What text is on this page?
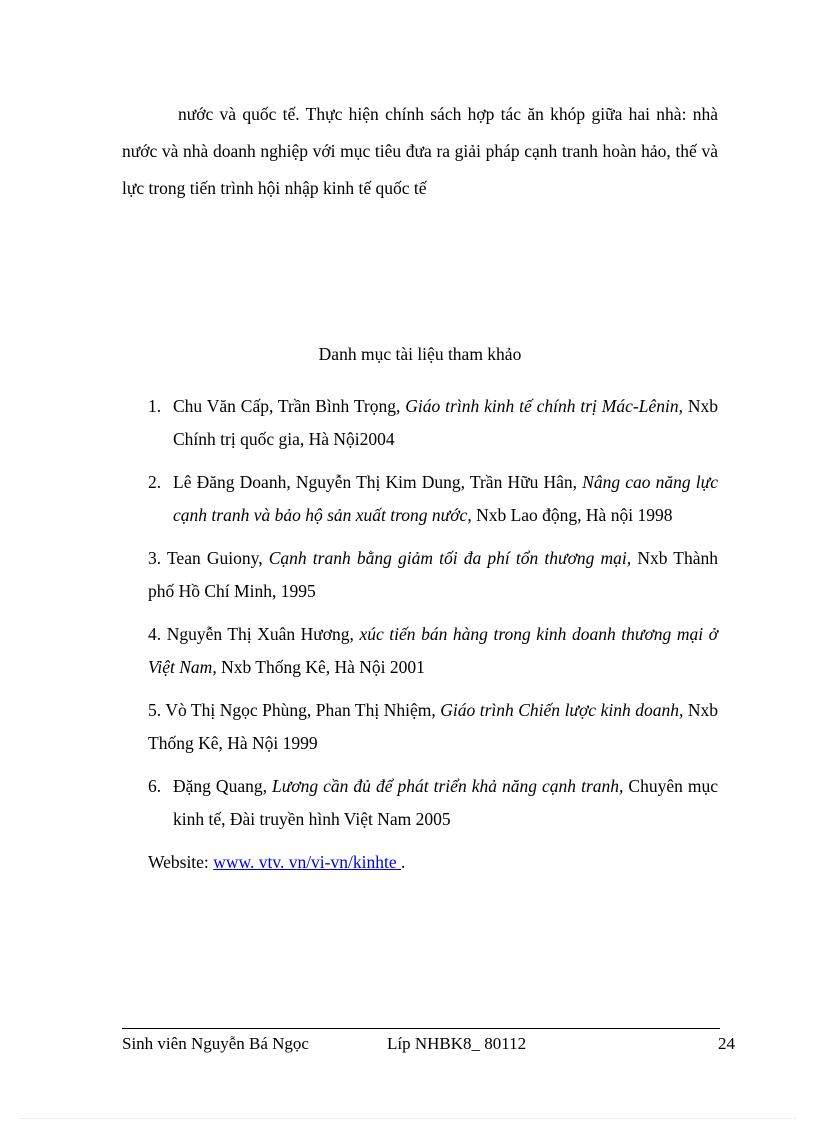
nước và quốc tế. Thực hiện chính sách hợp tác ăn khóp giữa hai nhà: nhà nước và nhà doanh nghiệp với mục tiêu đưa ra giải pháp cạnh tranh hoàn hảo, thế và lực trong tiến trình hội nhập kinh tế quốc tế
Danh mục tài liệu tham khảo

1. Chu Văn Cấp, Trần Bình Trọng, Giáo trình kinh tế chính trị Mác-Lênin, Nxb Chính trị quốc gia, Hà Nội2004

2. Lê Đăng Doanh, Nguyễn Thị Kim Dung, Trần Hữu Hân, Nâng cao năng lực cạnh tranh và bảo hộ sản xuất trong nước, Nxb Lao động, Hà nội 1998

3. Tean Guiony, Cạnh tranh bằng giảm tối đa phí tổn thương mại, Nxb Thành phố Hồ Chí Minh, 1995

4. Nguyễn Thị Xuân Hương, xúc tiến bán hàng trong kinh doanh thương mại ở Việt Nam, Nxb Thống Kê, Hà Nội 2001

5. Vò Thị Ngọc Phùng, Phan Thị Nhiệm, Giáo trình Chiến lược kinh doanh, Nxb Thống Kê, Hà Nội 1999

6. Đặng Quang, Lương cần đủ để phát triển khả năng cạnh tranh, Chuyên mục kinh tế, Đài truyền hình Việt Nam 2005

Website: www. vtv. vn/vi-vn/kinhte .

Sinh viên Nguyễn Bá Ngọc	Líp NHBK8_ 80112	24
